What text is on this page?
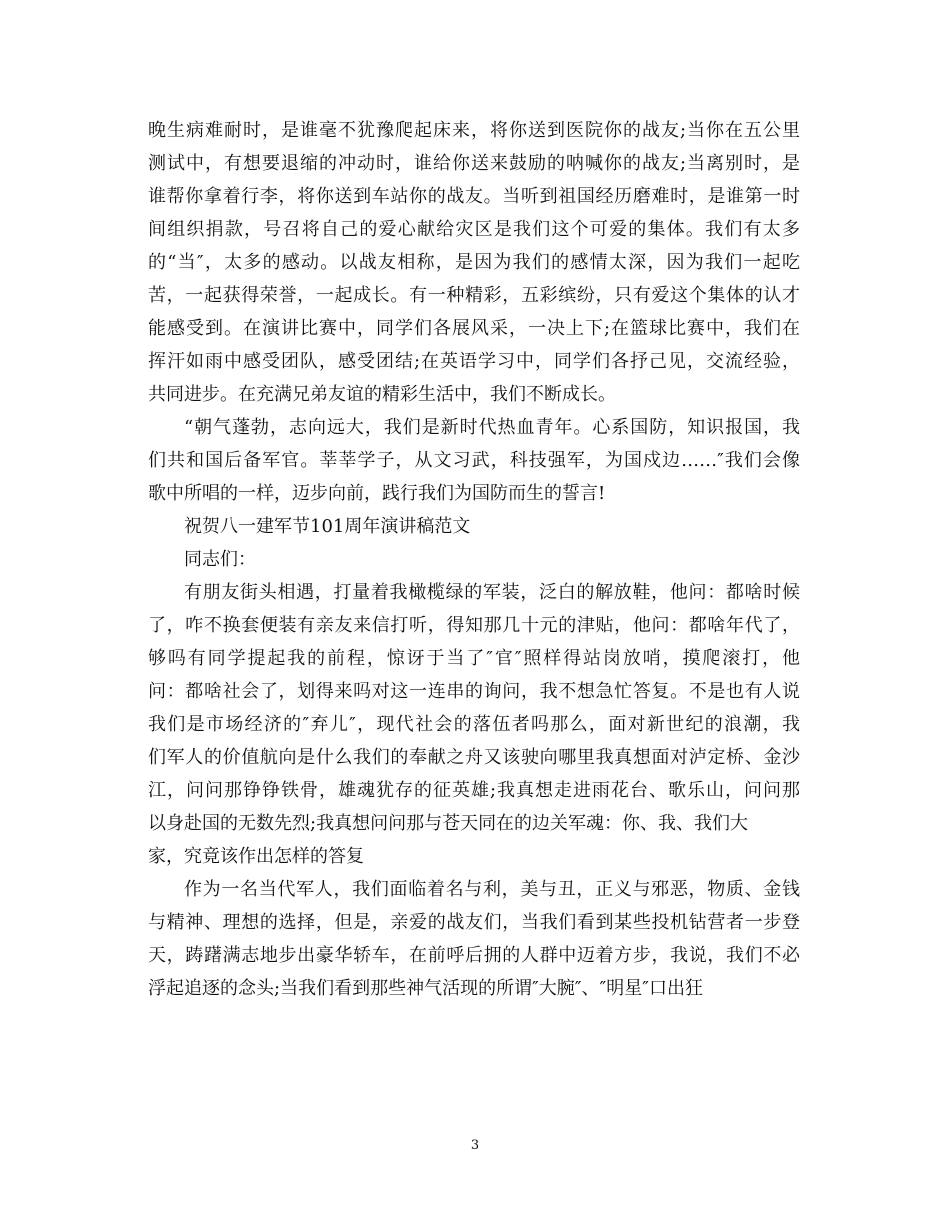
晚生病难耐时，是谁毫不犹豫爬起床来，将你送到医院你的战友;当你在五公里
测试中，有想要退缩的冲动时，谁给你送来鼓励的呐喊你的战友;当离别时，是
谁帮你拿着行李，将你送到车站你的战友。当听到祖国经历磨难时，是谁第一时
间组织捐款，号召将自己的爱心献给灾区是我们这个可爱的集体。我们有太多
的“当″，太多的感动。以战友相称，是因为我们的感情太深，因为我们一起吃
苦，一起获得荣誉，一起成长。有一种精彩，五彩缤纷，只有爱这个集体的认才
能感受到。在演讲比赛中，同学们各展风采，一决上下;在篮球比赛中，我们在
挥汗如雨中感受团队，感受团结;在英语学习中，同学们各抒己见，交流经验，
共同进步。在充满兄弟友谊的精彩生活中，我们不断成长。
“朝气蓬勃，志向远大，我们是新时代热血青年。心系国防，知识报国，我
们共和国后备军官。莘莘学子，从文习武，科技强军，为国戍边……″我们会像
歌中所唱的一样，迈步向前，践行我们为国防而生的誓言!
祝贺八一建军节101周年演讲稿范文
同志们：
有朋友街头相遇，打量着我橄榄绿的军装，泛白的解放鞋，他问：都啥时候
了，咋不换套便装有亲友来信打听，得知那几十元的津贴，他问：都啥年代了，
够吗有同学提起我的前程，惊讶于当了″官″照样得站岗放哨，摸爬滚打，他
问：都啥社会了，划得来吗对这一连串的询问，我不想急忙答复。不是也有人说
我们是市场经济的″弃儿″，现代社会的落伍者吗那么，面对新世纪的浪潮，我
们军人的价值航向是什么我们的奉献之舟又该驶向哪里我真想面对泸定桥、金沙
江，问问那铮铮铁骨，雄魂犹存的征英雄;我真想走进雨花台、歌乐山，问问那
以身赴国的无数先烈;我真想问问那与苍天同在的边关军魂：你、我、我们大
家，究竟该作出怎样的答复
作为一名当代军人，我们面临着名与利，美与丑，正义与邪恶，物质、金钱
与精神、理想的选择，但是，亲爱的战友们，当我们看到某些投机钻营者一步登
天，踌躇满志地步出豪华轿车，在前呼后拥的人群中迈着方步，我说，我们不必
浮起追逐的念头;当我们看到那些神气活现的所谓″大腕″、″明星″口出狂
3
